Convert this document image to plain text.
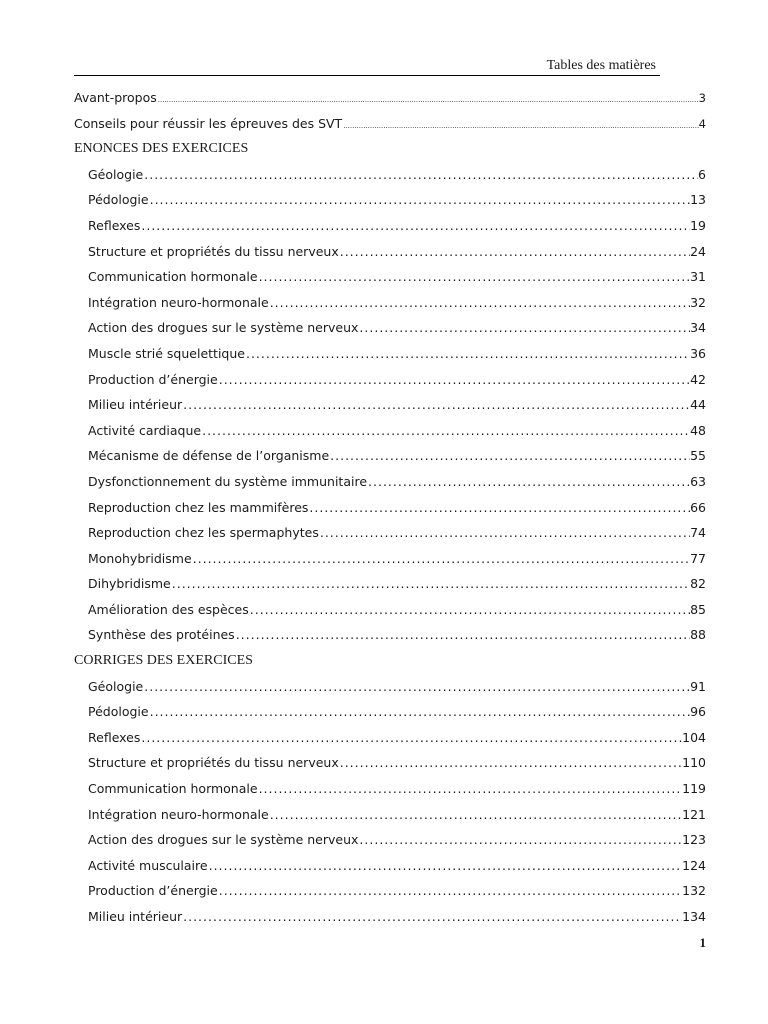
Tables des matières
Avant-propos .....	3
Conseils pour réussir les épreuves des SVT .....	4
ENONCES DES EXERCICES
Géologie .....	6
Pédologie .....	13
Reflexes .....	19
Structure et propriétés du tissu nerveux .....	24
Communication hormonale .....	31
Intégration neuro-hormonale .....	32
Action des drogues sur le système nerveux .....	34
Muscle strié squelettique .....	36
Production d’énergie .....	42
Milieu intérieur .....	44
Activité cardiaque .....	48
Mécanisme de défense de l’organisme .....	55
Dysfonctionnement du système immunitaire .....	63
Reproduction chez les mammifères .....	66
Reproduction chez les spermaphytes .....	74
Monohybridisme .....	77
Dihybridisme .....	82
Amélioration des espèces .....	85
Synthèse des protéines .....	88
CORRIGES DES EXERCICES
Géologie .....	91
Pédologie .....	96
Reflexes .....	104
Structure et propriétés du tissu nerveux .....	110
Communication hormonale .....	119
Intégration neuro-hormonale .....	121
Action des drogues sur le système nerveux .....	123
Activité musculaire .....	124
Production d’énergie .....	132
Milieu intérieur .....	134
1
